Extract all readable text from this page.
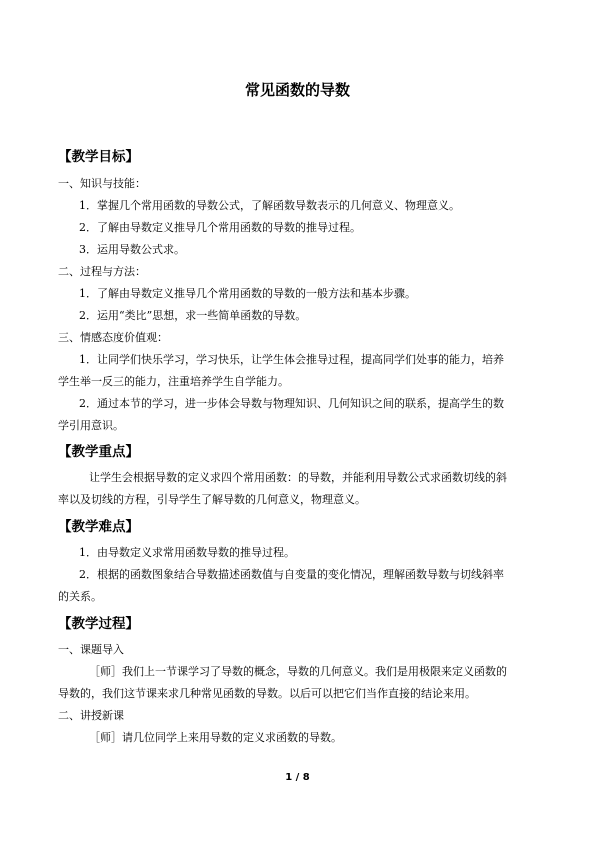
常见函数的导数
【教学目标】
一、知识与技能：
1．掌握几个常用函数的导数公式，了解函数导数表示的几何意义、物理意义。
2．了解由导数定义推导几个常用函数的导数的推导过程。
3．运用导数公式求。
二、过程与方法：
1．了解由导数定义推导几个常用函数的导数的一般方法和基本步骤。
2．运用“类比”思想，求一些简单函数的导数。
三、情感态度价值观：
1．让同学们快乐学习，学习快乐，让学生体会推导过程，提高同学们处事的能力，培养
学生举一反三的能力，注重培养学生自学能力。
2．通过本节的学习，进一步体会导数与物理知识、几何知识之间的联系，提高学生的数
学引用意识。
【教学重点】
让学生会根据导数的定义求四个常用函数：的导数，并能利用导数公式求函数切线的斜
率以及切线的方程，引导学生了解导数的几何意义，物理意义。
【教学难点】
1．由导数定义求常用函数导数的推导过程。
2．根据的函数图象结合导数描述函数值与自变量的变化情况，理解函数导数与切线斜率
的关系。
【教学过程】
一、课题导入
［师］我们上一节课学习了导数的概念，导数的几何意义。我们是用极限来定义函数的
导数的，我们这节课来求几种常见函数的导数。以后可以把它们当作直接的结论来用。
二、讲授新课
［师］请几位同学上来用导数的定义求函数的导数。
1 / 8
